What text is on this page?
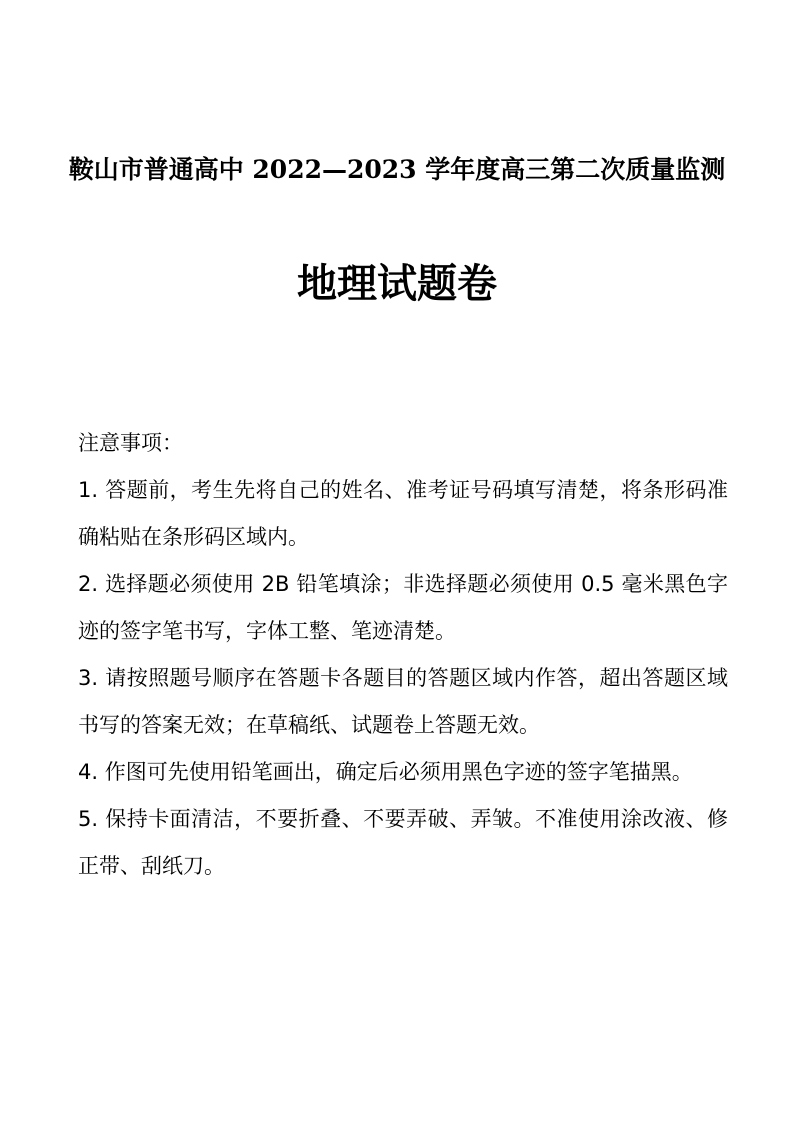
鞍山市普通高中 2022—2023 学年度高三第二次质量监测
地理试题卷

注意事项：

1. 答题前，考生先将自己的姓名、准考证号码填写清楚，将条形码准确粘贴在条形码区域内。

2. 选择题必须使用 2B 铅笔填涂；非选择题必须使用 0.5 毫米黑色字迹的签字笔书写，字体工整、笔迹清楚。

3. 请按照题号顺序在答题卡各题目的答题区域内作答，超出答题区域书写的答案无效；在草稿纸、试题卷上答题无效。

4. 作图可先使用铅笔画出，确定后必须用黑色字迹的签字笔描黑。

5. 保持卡面清洁，不要折叠、不要弄破、弄皱。不准使用涂改液、修正带、刮纸刀。
